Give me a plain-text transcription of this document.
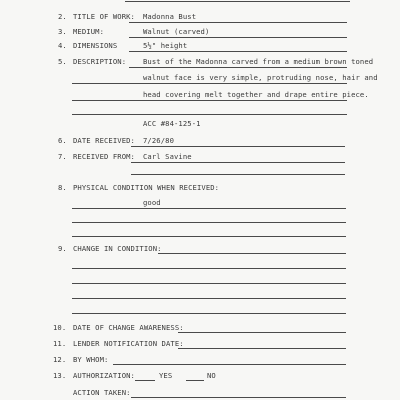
2. TITLE OF WORK: Madonna Bust
3. MEDIUM:	Walnut (carved)
4. DIMENSIONS	5½" height
5. DESCRIPTION: Bust of the Madonna carved from a medium brown toned
walnut face is very simple, protruding nose, hair and
head covering melt together and drape entire piece.
ACC #84-125-1
6. DATE RECEIVED: 7/26/80
7. RECEIVED FROM: Carl Savine
8. PHYSICAL CONDITION WHEN RECEIVED:
good
9. CHANGE IN CONDITION:
10. DATE OF CHANGE AWARENESS:
11. LENDER NOTIFICATION DATE:
12. BY WHOM:
13. AUTHORIZATION:	YES	NO
ACTION TAKEN:
